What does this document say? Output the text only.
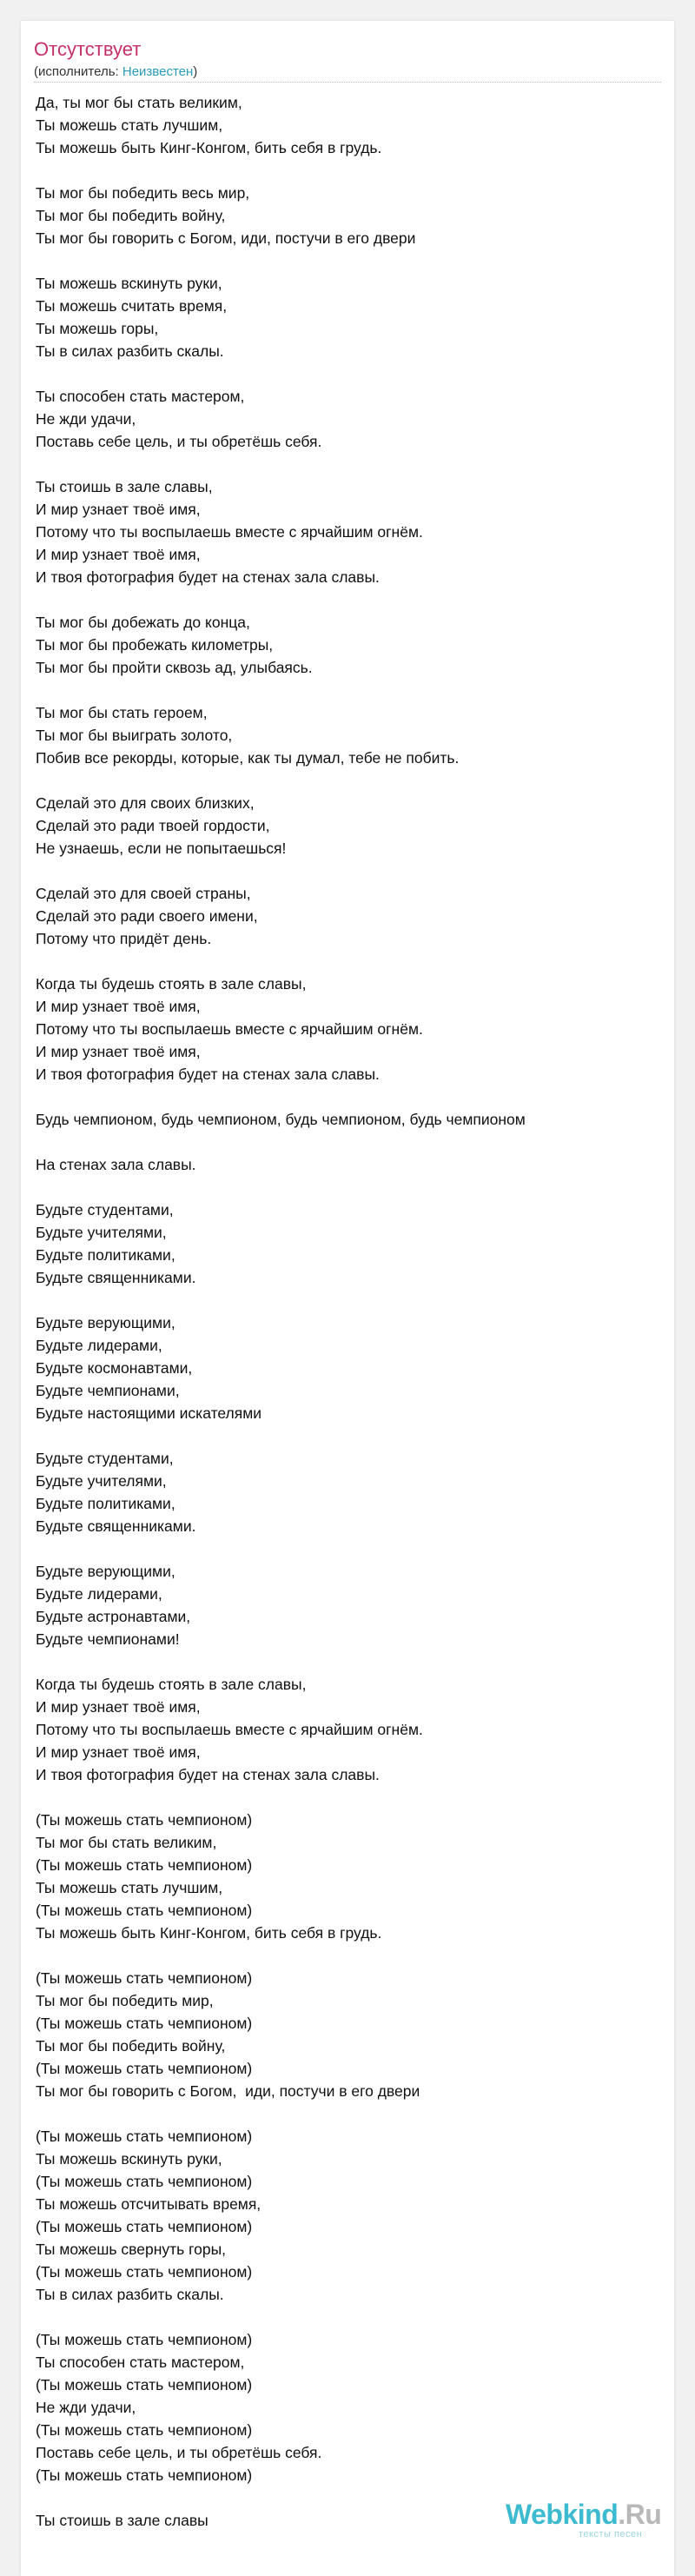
Отсутствует
(исполнитель: Неизвестен)
Да, ты мог бы стать великим,
Ты можешь стать лучшим,
Ты можешь быть Кинг-Конгом, бить себя в грудь.
Ты мог бы победить весь мир,
Ты мог бы победить войну,
Ты мог бы говорить с Богом, иди, постучи в его двери
Ты можешь вскинуть руки,
Ты можешь считать время,
Ты можешь горы,
Ты в силах разбить скалы.
Ты способен стать мастером,
Не жди удачи,
Поставь себе цель, и ты обретёшь себя.
Ты стоишь в зале славы,
И мир узнает твоё имя,
Потому что ты воспылаешь вместе с ярчайшим огнём.
И мир узнает твоё имя,
И твоя фотография будет на стенах зала славы.
Ты мог бы добежать до конца,
Ты мог бы пробежать километры,
Ты мог бы пройти сквозь ад, улыбаясь.
Ты мог бы стать героем,
Ты мог бы выиграть золото,
Побив все рекорды, которые, как ты думал, тебе не побить.
Сделай это для своих близких,
Сделай это ради твоей гордости,
Не узнаешь, если не попытаешься!
Сделай это для своей страны,
Сделай это ради своего имени,
Потому что придёт день.
Когда ты будешь стоять в зале славы,
И мир узнает твоё имя,
Потому что ты воспылаешь вместе с ярчайшим огнём.
И мир узнает твоё имя,
И твоя фотография будет на стенах зала славы.
Будь чемпионом, будь чемпионом, будь чемпионом, будь чемпионом
На стенах зала славы.
Будьте студентами,
Будьте учителями,
Будьте политиками,
Будьте священниками.
Будьте верующими,
Будьте лидерами,
Будьте космонавтами,
Будьте чемпионами,
Будьте настоящими искателями
Будьте студентами,
Будьте учителями,
Будьте политиками,
Будьте священниками.
Будьте верующими,
Будьте лидерами,
Будьте астронавтами,
Будьте чемпионами!
Когда ты будешь стоять в зале славы,
И мир узнает твоё имя,
Потому что ты воспылаешь вместе с ярчайшим огнём.
И мир узнает твоё имя,
И твоя фотография будет на стенах зала славы.
(Ты можешь стать чемпионом)
Ты мог бы стать великим,
(Ты можешь стать чемпионом)
Ты можешь стать лучшим,
(Ты можешь стать чемпионом)
Ты можешь быть Кинг-Конгом, бить себя в грудь.
(Ты можешь стать чемпионом)
Ты мог бы победить мир,
(Ты можешь стать чемпионом)
Ты мог бы победить войну,
(Ты можешь стать чемпионом)
Ты мог бы говорить с Богом,  иди, постучи в его двери
(Ты можешь стать чемпионом)
Ты можешь вскинуть руки,
(Ты можешь стать чемпионом)
Ты можешь отсчитывать время,
(Ты можешь стать чемпионом)
Ты можешь свернуть горы,
(Ты можешь стать чемпионом)
Ты в силах разбить скалы.
(Ты можешь стать чемпионом)
Ты способен стать мастером,
(Ты можешь стать чемпионом)
Не жди удачи,
(Ты можешь стать чемпионом)
Поставь себе цель, и ты обретёшь себя.
(Ты можешь стать чемпионом)
Ты стоишь в зале славы	Webkind.Ru
тексты песен
